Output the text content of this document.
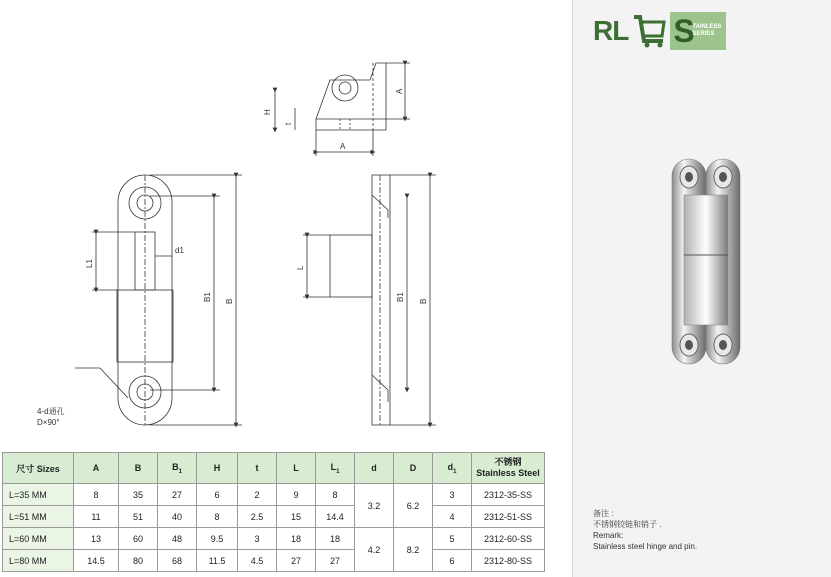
H
t
A
A
d1
L1
B1 B
L
B1 B
4-d通孔
D×90°
尺寸 Sizes	A	B	$B_1$	H	t	L	$L_1$	d	D	$d_1$	不锈钢
Stainless Steel

L=35 MM	8	35	27	6	2	9	8	3.2	6.2	3	2312-35-SS
L=51 MM	11	51	40	8	2.5	15	14.4			4	2312-51-SS
L=60 MM	13	60	48	9.5	3	18	18	4.2	8.2	5	2312-60-SS
L=80 MM	14.5	80	68	11.5	4.5	27	27			6	2312-80-SS
RL S
TAINLESS
SERIES
备注 :
不锈钢铰链和销子 .
Remark:
Stainless steel hinge and pin.
